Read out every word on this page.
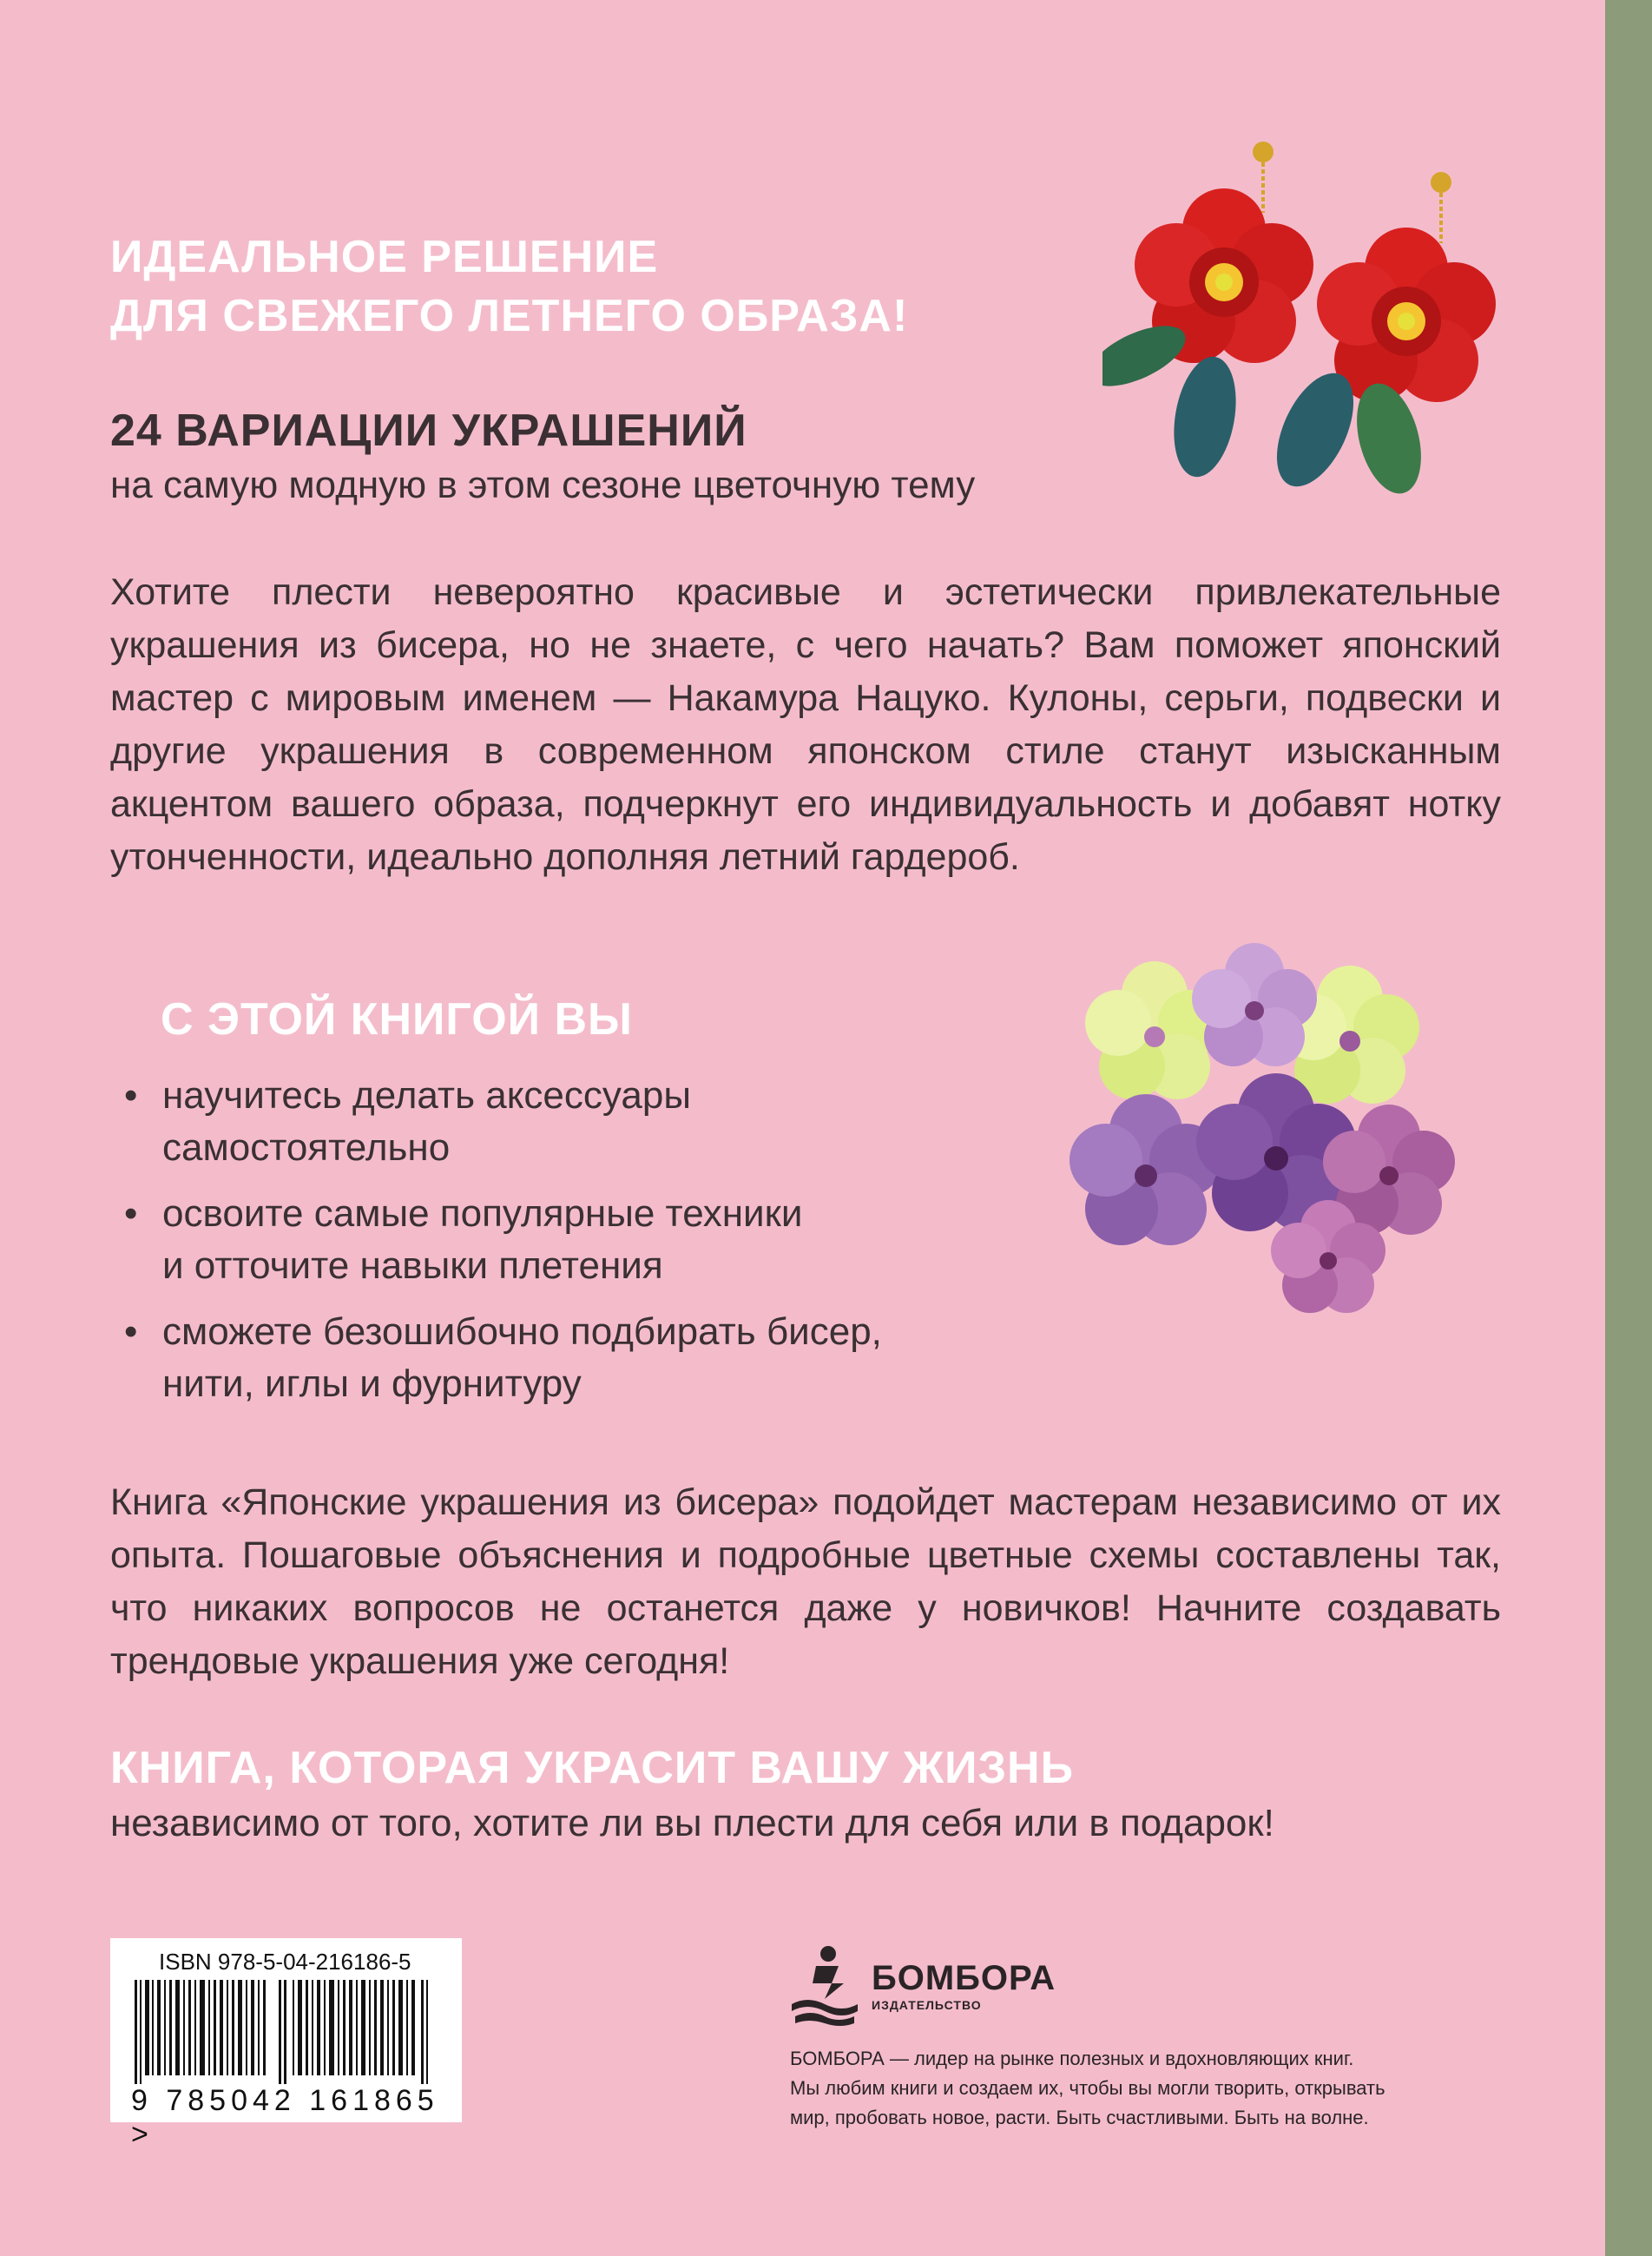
ИДЕАЛЬНОЕ РЕШЕНИЕ

ДЛЯ СВЕЖЕГО ЛЕТНЕГО ОБРАЗА!

24 ВАРИАЦИИ УКРАШЕНИЙ

на самую модную в этом сезоне цветочную тему

Хотите плести невероятно красивые и эстетически привлекательные украшения из бисера, но не знаете, с чего начать? Вам поможет японский мастер с мировым именем — Накамура Нацуко. Кулоны, серьги, подвески и другие украшения в современном японском стиле станут изысканным акцентом вашего образа, подчеркнут его индивидуальность и добавят нотку утонченности, идеально дополняя летний гардероб.

С ЭТОЙ КНИГОЙ ВЫ

• научитесь делать аксессуары
самостоятельно
• освоите самые популярные техники
и отточите навыки плетения
• сможете безошибочно подбирать бисер,
нити, иглы и фурнитуру

Книга «Японские украшения из бисера» подойдет мастерам независимо от их опыта. Пошаговые объяснения и подробные цветные схемы составлены так, что никаких вопросов не останется даже у новичков! Начните создавать трендовые украшения уже сегодня!

КНИГА, КОТОРАЯ УКРАСИТ ВАШУ ЖИЗНЬ

независимо от того, хотите ли вы плести для себя или в подарок!

ISBN 978-5-04-216186-5
9 785042 161865 >
БОМБОРА
ИЗДАТЕЛЬСТВО

БОМБОРА — лидер на рынке полезных и вдохновляющих книг.

Мы любим книги и создаем их, чтобы вы могли творить, открывать

мир, пробовать новое, расти. Быть счастливыми. Быть на волне.
